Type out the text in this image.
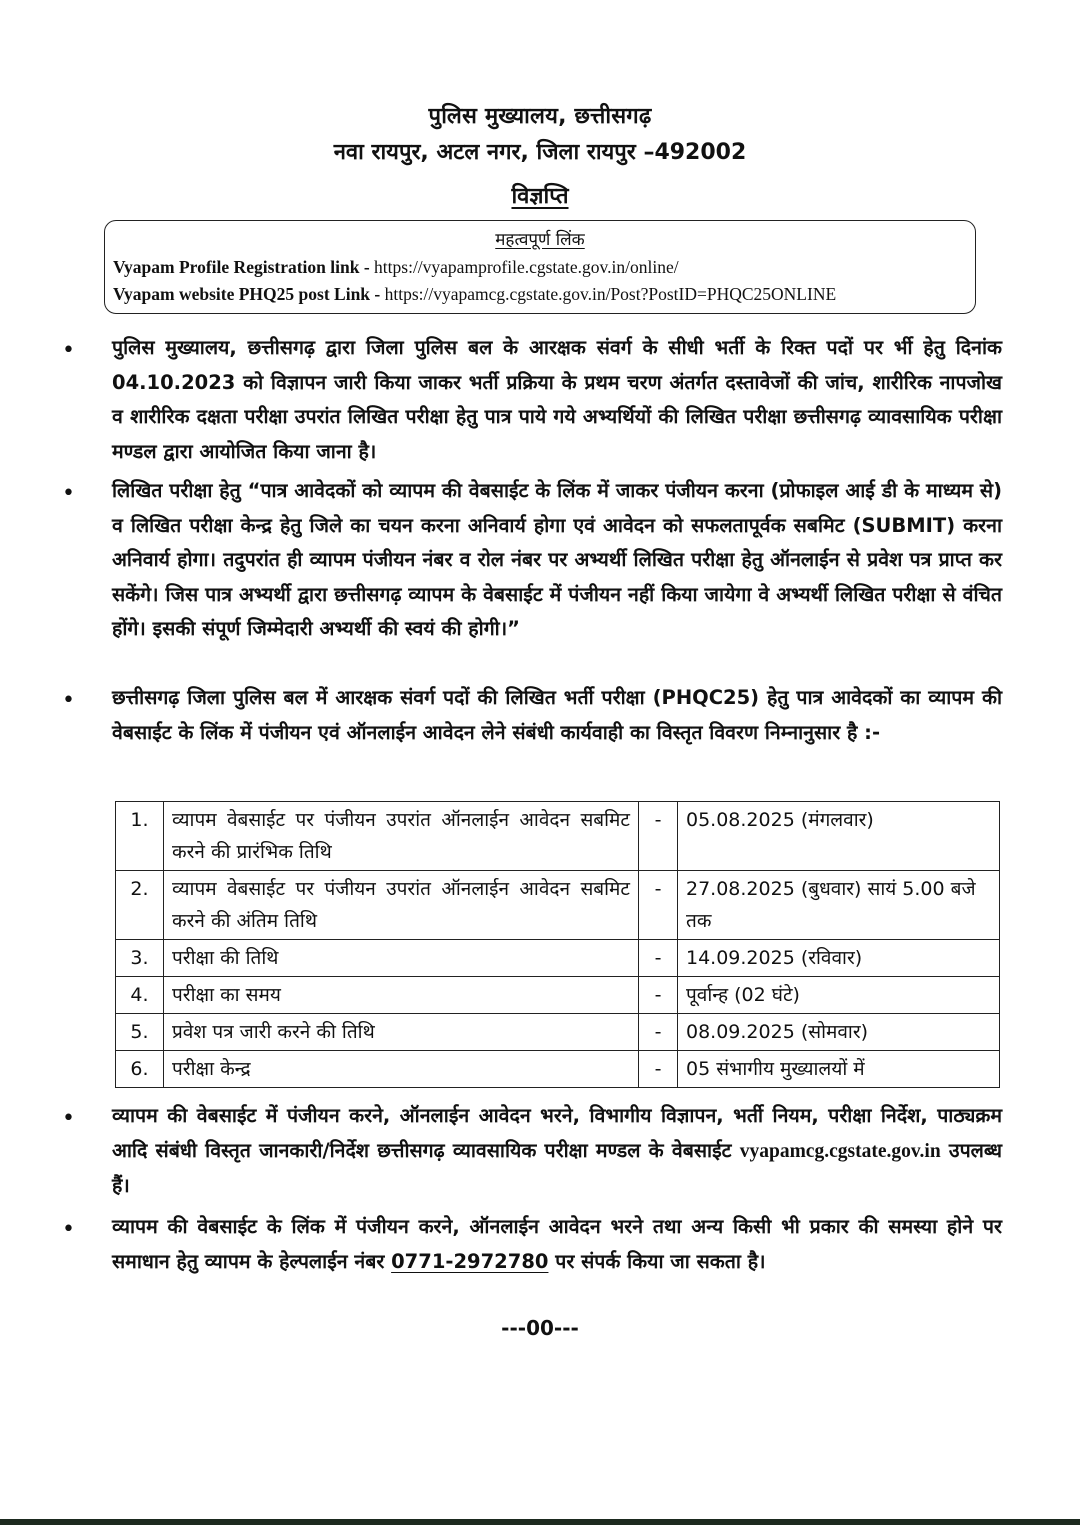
पुलिस मुख्यालय, छत्तीसगढ़
नवा रायपुर, अटल नगर, जिला रायपुर –492002
विज्ञप्ति
महत्वपूर्ण लिंक
Vyapam Profile Registration link - https://vyapamprofile.cgstate.gov.in/online/
Vyapam website PHQ25 post Link - https://vyapamcg.cgstate.gov.in/Post?PostID=PHQC25ONLINE
• पुलिस मुख्यालय, छत्तीसगढ़ द्वारा जिला पुलिस बल के आरक्षक संवर्ग के सीधी भर्ती के रिक्त पदों पर र्भी हेतु दिनांक 04.10.2023 को विज्ञापन जारी किया जाकर भर्ती प्रक्रिया के प्रथम चरण अंतर्गत दस्तावेजों की जांच, शारीरिक नापजोख व शारीरिक दक्षता परीक्षा उपरांत लिखित परीक्षा हेतु पात्र पाये गये अभ्यर्थियों की लिखित परीक्षा छत्तीसगढ़ व्यावसायिक परीक्षा मण्डल द्वारा आयोजित किया जाना है।
• लिखित परीक्षा हेतु “पात्र आवेदकों को व्यापम की वेबसाईट के लिंक में जाकर पंजीयन करना (प्रोफाइल आई डी के माध्यम से) व लिखित परीक्षा केन्द्र हेतु जिले का चयन करना अनिवार्य होगा एवं आवेदन को सफलतापूर्वक सबमिट (SUBMIT) करना अनिवार्य होगा। तदुपरांत ही व्यापम पंजीयन नंबर व रोल नंबर पर अभ्यर्थी लिखित परीक्षा हेतु ऑनलाईन से प्रवेश पत्र प्राप्त कर सकेंगे। जिस पात्र अभ्यर्थी द्वारा छत्तीसगढ़ व्यापम के वेबसाईट में पंजीयन नहीं किया जायेगा वे अभ्यर्थी लिखित परीक्षा से वंचित होंगे। इसकी संपूर्ण जिम्मेदारी अभ्यर्थी की स्वयं की होगी।”
• छत्तीसगढ़ जिला पुलिस बल में आरक्षक संवर्ग पदों की लिखित भर्ती परीक्षा (PHQC25) हेतु पात्र आवेदकों का व्यापम की वेबसाईट के लिंक में पंजीयन एवं ऑनलाईन आवेदन लेने संबंधी कार्यवाही का विस्तृत विवरण निम्नानुसार है :-
1.	व्यापम वेबसाईट पर पंजीयन उपरांत ऑनलाईन आवेदन सबमिट करने की प्रारंभिक तिथि	-	05.08.2025 (मंगलवार)
2.	व्यापम वेबसाईट पर पंजीयन उपरांत ऑनलाईन आवेदन सबमिट करने की अंतिम तिथि	-	27.08.2025 (बुधवार) सायं 5.00 बजे तक
3.	परीक्षा की तिथि	-	14.09.2025 (रविवार)
4.	परीक्षा का समय	-	पूर्वान्ह (02 घंटे)
5.	प्रवेश पत्र जारी करने की तिथि	-	08.09.2025 (सोमवार)
6.	परीक्षा केन्द्र	-	05 संभागीय मुख्यालयों में
• व्यापम की वेबसाईट में पंजीयन करने, ऑनलाईन आवेदन भरने, विभागीय विज्ञापन, भर्ती नियम, परीक्षा निर्देश, पाठ्यक्रम आदि संबंधी विस्तृत जानकारी/निर्देश छत्तीसगढ़ व्यावसायिक परीक्षा मण्डल के वेबसाईट vyapamcg.cgstate.gov.in उपलब्ध हैं।
• व्यापम की वेबसाईट के लिंक में पंजीयन करने, ऑनलाईन आवेदन भरने तथा अन्य किसी भी प्रकार की समस्या होने पर समाधान हेतु व्यापम के हेल्पलाईन नंबर 0771-2972780 पर संपर्क किया जा सकता है।
---00---
